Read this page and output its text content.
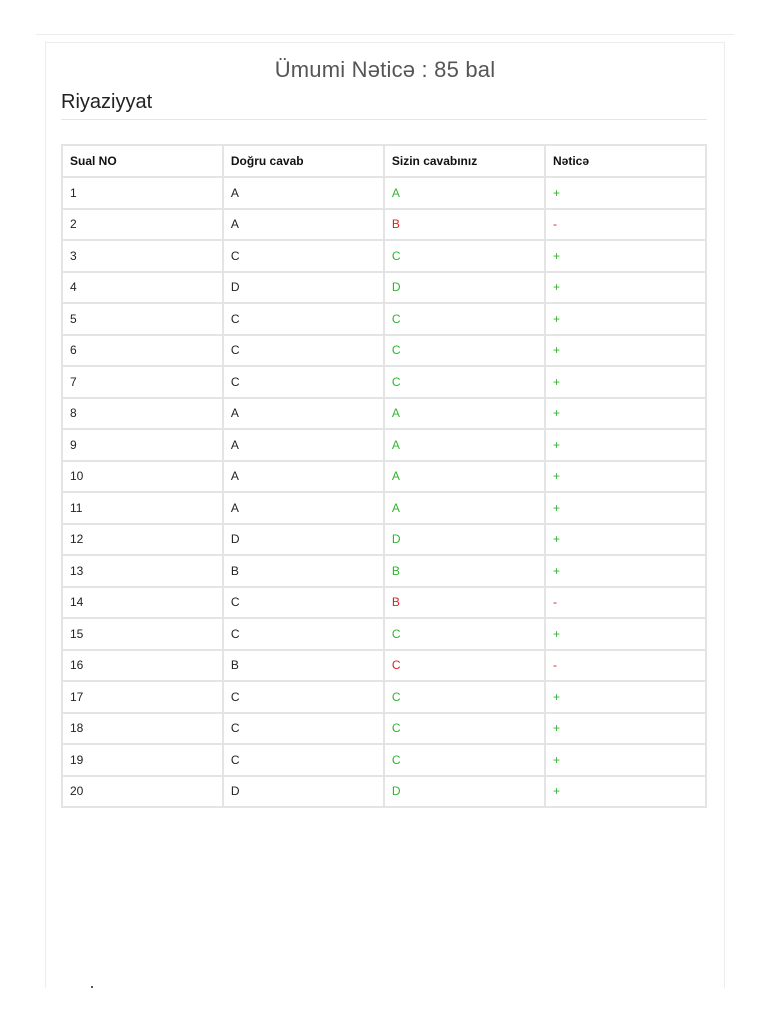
Ümumi Nəticə : 85 bal
Riyaziyyat
Sual NO	Doğru cavab	Sizin cavabınız	Nəticə
1	A	A	+
2	A	B	-
3	C	C	+
4	D	D	+
5	C	C	+
6	C	C	+
7	C	C	+
8	A	A	+
9	A	A	+
10	A	A	+
11	A	A	+
12	D	D	+
13	B	B	+
14	C	B	-
15	C	C	+
16	B	C	-
17	C	C	+
18	C	C	+
19	C	C	+
20	D	D	+
